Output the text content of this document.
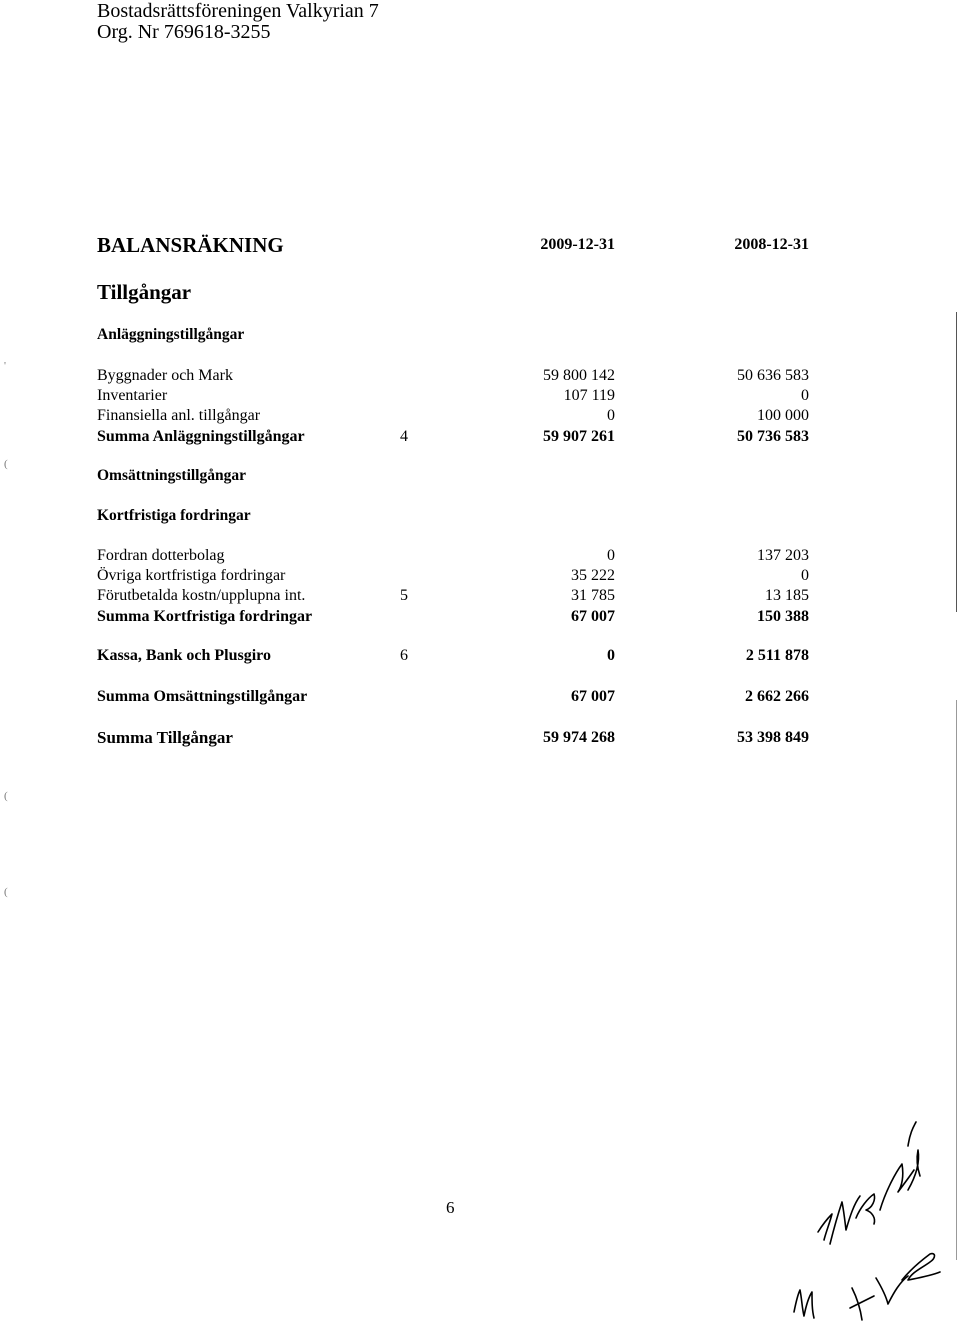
Bostadsrättsföreningen Valkyrian 7
Org. Nr 769618-3255
BALANSRÄKNING	2009-12-31	2008-12-31
Tillgångar
Anläggningstillgångar
Byggnader och Mark	59 800 142	50 636 583
Inventarier	107 119	0
Finansiella anl. tillgångar	0	100 000
Summa Anläggningstillgångar	4	59 907 261	50 736 583
Omsättningstillgångar
Kortfristiga fordringar
Fordran dotterbolag	0	137 203
Övriga kortfristiga fordringar	35 222	0
Förutbetalda kostn/upplupna int.	5	31 785	13 185
Summa Kortfristiga fordringar	67 007	150 388
Kassa, Bank och Plusgiro	6	0	2 511 878
Summa Omsättningstillgångar	67 007	2 662 266
Summa Tillgångar	59 974 268	53 398 849
6
'
(
(
(
